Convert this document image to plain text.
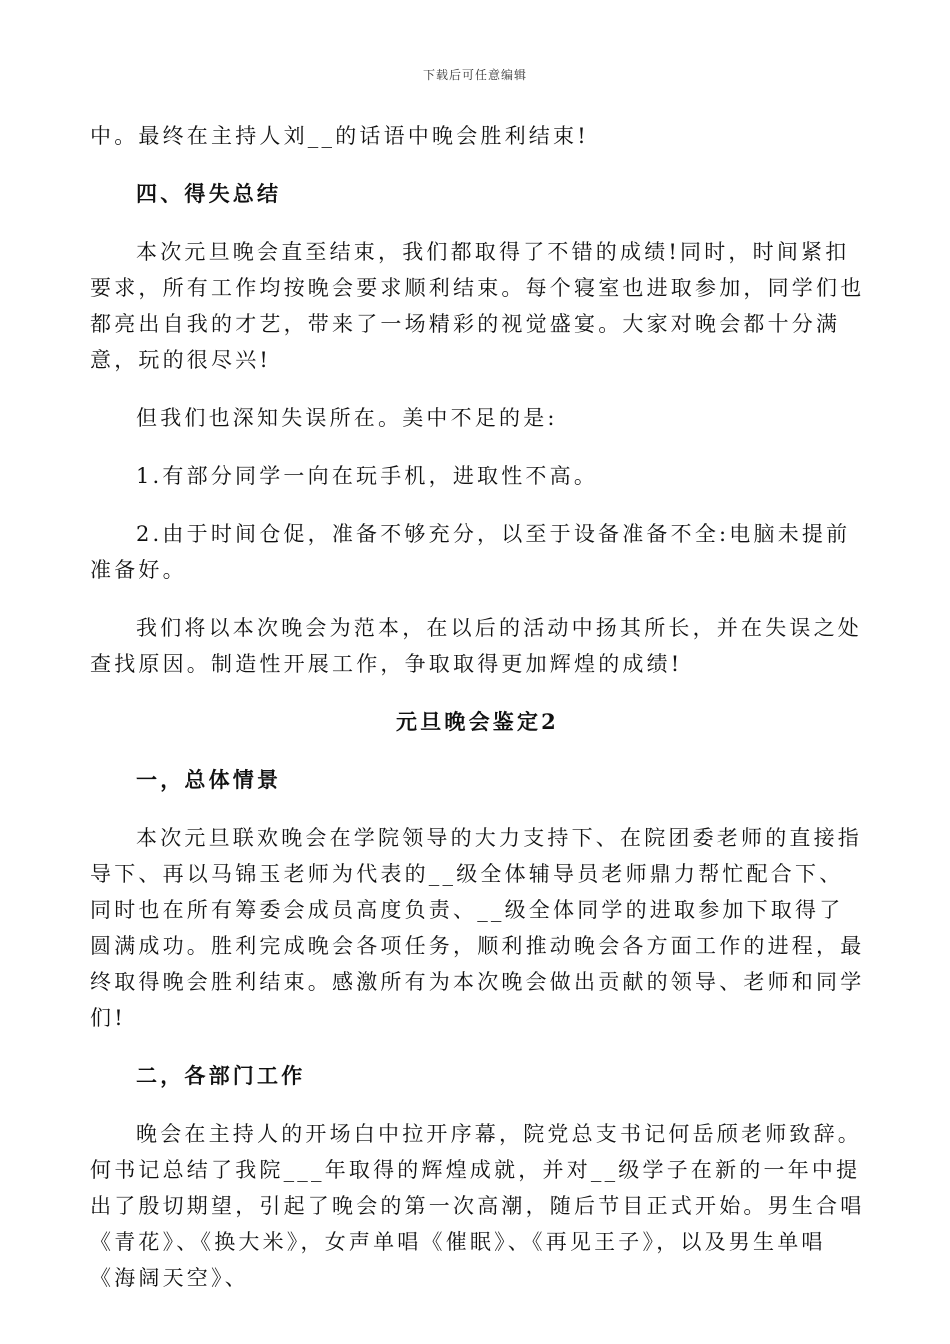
下载后可任意编辑

中。最终在主持人刘__的话语中晚会胜利结束!

四、得失总结

本次元旦晚会直至结束，我们都取得了不错的成绩!同时，时间紧扣要求，所有工作均按晚会要求顺利结束。每个寝室也进取参加，同学们也都亮出自我的才艺，带来了一场精彩的视觉盛宴。大家对晚会都十分满意，玩的很尽兴!

但我们也深知失误所在。美中不足的是:

1.有部分同学一向在玩手机，进取性不高。

2.由于时间仓促，准备不够充分，以至于设备准备不全:电脑未提前准备好。

我们将以本次晚会为范本，在以后的活动中扬其所长，并在失误之处查找原因。制造性开展工作，争取取得更加辉煌的成绩!

元旦晚会鉴定2

一，总体情景

本次元旦联欢晚会在学院领导的大力支持下、在院团委老师的直接指导下、再以马锦玉老师为代表的__级全体辅导员老师鼎力帮忙配合下、同时也在所有筹委会成员高度负责、__级全体同学的进取参加下取得了圆满成功。胜利完成晚会各项任务，顺利推动晚会各方面工作的进程，最终取得晚会胜利结束。感激所有为本次晚会做出贡献的领导、老师和同学们!

二，各部门工作

晚会在主持人的开场白中拉开序幕，院党总支书记何岳颀老师致辞。何书记总结了我院___年取得的辉煌成就，并对__级学子在新的一年中提出了殷切期望，引起了晚会的第一次高潮，随后节目正式开始。男生合唱《青花》、《换大米》，女声单唱《催眠》、《再见王子》，以及男生单唱《海阔天空》、
